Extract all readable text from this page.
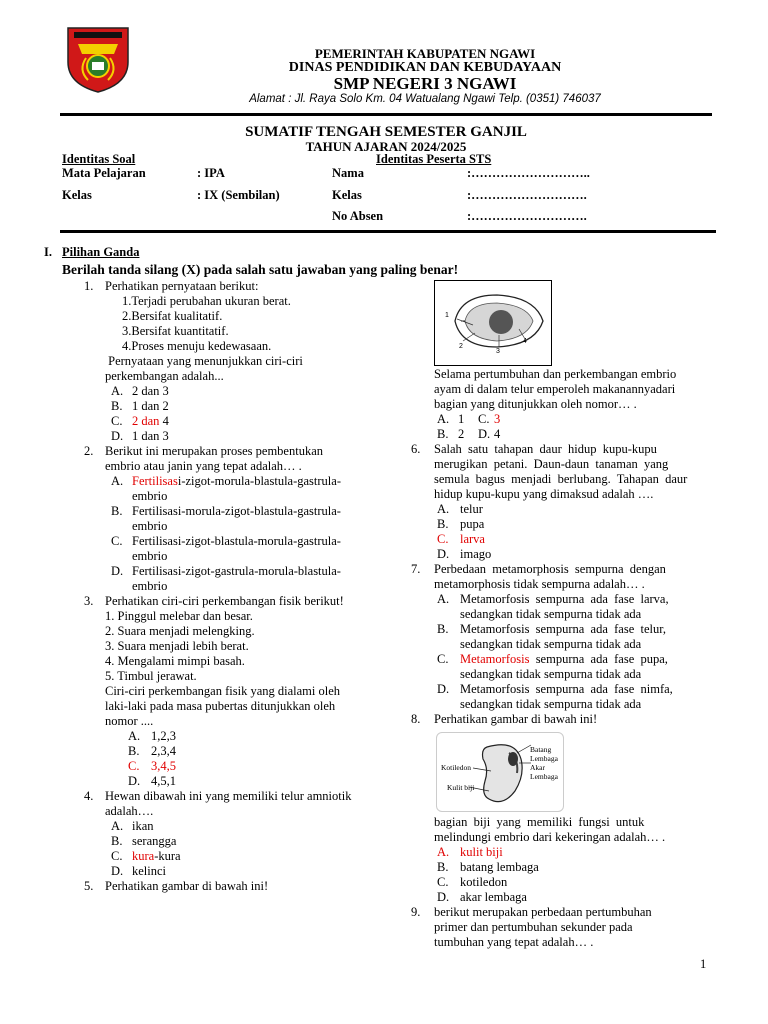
PEMERINTAH KABUPATEN NGAWI
DINAS PENDIDIKAN DAN KEBUDAYAAN
SMP NEGERI 3 NGAWI
Alamat : Jl. Raya Solo Km. 04 Watualang Ngawi Telp. (0351) 746037
SUMATIF TENGAH SEMESTER GANJIL
TAHUN AJARAN 2024/2025
Identitas Soal	Identitas Peserta STS
Mata Pelajaran	: IPA	Nama	:………………………..
Kelas	: IX (Sembilan)	Kelas	:……………………….
No Absen	:……………………….
I. Pilihan Ganda
Berilah tanda silang (X) pada salah satu jawaban yang paling benar!
1. Perhatikan pernyataan berikut:
1.Terjadi perubahan ukuran berat.
2.Bersifat kualitatif.
3.Bersifat kuantitatif.
4.Proses menuju kedewasaan.
Pernyataan yang menunjukkan ciri-ciri
perkembangan adalah...
A. 2 dan 3
B. 1 dan 2
C. 2 dan 4
D. 1 dan 3
2. Berikut ini merupakan proses pembentukan
embrio atau janin yang tepat adalah… .
A. Fertilisasi-zigot-morula-blastula-gastrula-
embrio
B. Fertilisasi-morula-zigot-blastula-gastrula-
embrio
C. Fertilisasi-zigot-blastula-morula-gastrula-
embrio
D. Fertilisasi-zigot-gastrula-morula-blastula-
embrio
3. Perhatikan ciri-ciri perkembangan fisik berikut!
1. Pinggul melebar dan besar.
2. Suara menjadi melengking.
3. Suara menjadi lebih berat.
4. Mengalami mimpi basah.
5. Timbul jerawat.
Ciri-ciri perkembangan fisik yang dialami oleh
laki-laki pada masa pubertas ditunjukkan oleh
nomor ....
A. 1,2,3
B. 2,3,4
C. 3,4,5
D. 4,5,1
4. Hewan dibawah ini yang memiliki telur amniotik
adalah….
A. ikan
B. serangga
C. kura-kura
D. kelinci
5. Perhatikan gambar di bawah ini!
1
2
3
4
Selama pertumbuhan dan perkembangan embrio
ayam di dalam telur emperoleh makanannyadari
bagian yang ditunjukkan oleh nomor… .
A. 1 C. 3
B. 2 D. 4
6. Salah  satu  tahapan  daur  hidup  kupu-kupu
merugikan  petani.  Daun-daun  tanaman  yang
semula  bagus  menjadi  berlubang.  Tahapan  daur
hidup kupu-kupu yang dimaksud adalah ….
A. telur
B. pupa
C. larva
D. imago
7. Perbedaan  metamorphosis  sempurna  dengan
metamorphosis tidak sempurna adalah… .
A. Metamorfosis  sempurna  ada  fase  larva,
sedangkan tidak sempurna tidak ada
B. Metamorfosis  sempurna  ada  fase  telur,
sedangkan tidak sempurna tidak ada
C. Metamorfosis  sempurna  ada  fase  pupa,
sedangkan tidak sempurna tidak ada
D. Metamorfosis  sempurna  ada  fase  nimfa,
sedangkan tidak sempurna tidak ada
8. Perhatikan gambar di bawah ini!
Batang
Lembaga
Akar
Lembaga
Kotiledon
Kulit biji
bagian  biji  yang  memiliki  fungsi  untuk
melindungi embrio dari kekeringan adalah… .
A. kulit biji
B. batang lembaga
C. kotiledon
D. akar lembaga
9. berikut merupakan perbedaan pertumbuhan
primer dan pertumbuhan sekunder pada
tumbuhan yang tepat adalah… .
1
